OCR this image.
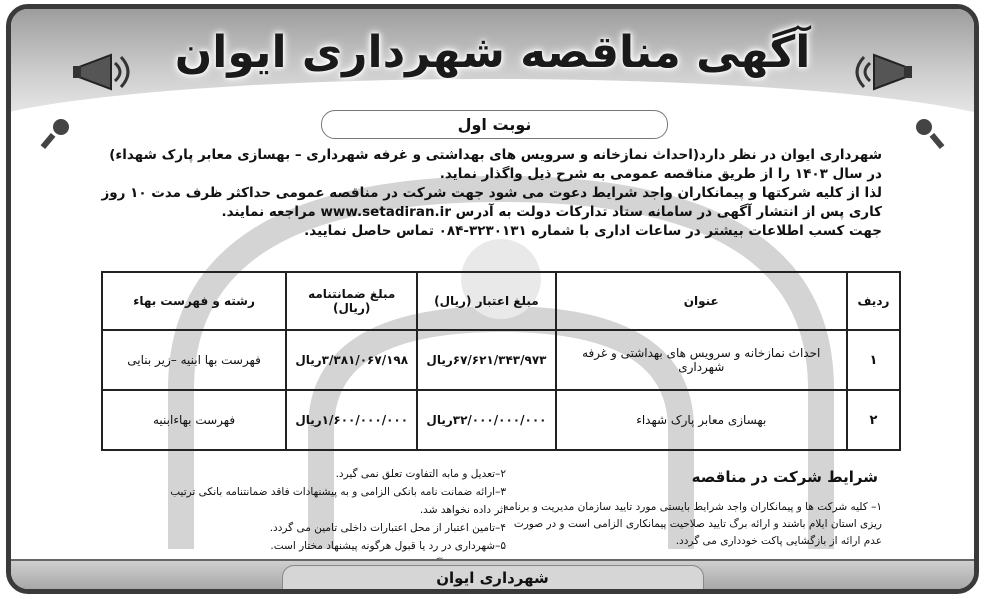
آگهی مناقصه شهرداری ایوان
نوبت اول

شهرداری ایوان در نظر دارد(احداث نمازخانه و سرویس های بهداشتی و غرفه شهرداری – بهسازی معابر پارک شهداء) در سال ۱۴۰۳ را از طریق مناقصه عمومی به شرح ذیل واگذار نماید.

لذا از کلیه شرکتها و پیمانکاران واجد شرایط دعوت می شود جهت شرکت در مناقصه عمومی حداکثر ظرف مدت ۱۰ روز کاری پس از انتشار آگهی در سامانه ستاد تدارکات دولت به آدرس www.setadiran.ir مراجعه نمایند.

جهت کسب اطلاعات بیشتر در ساعات اداری با شماره ۳۲۳۰۱۳۱-۰۸۴ تماس حاصل نمایید.

ردیف	عنوان	مبلغ اعتبار (ریال)	مبلغ ضمانتنامه (ریال)	رشته و فهرست بهاء
۱	احداث نمازخانه و سرویس های بهداشتی و غرفه شهرداری	۶۷/۶۲۱/۳۴۳/۹۷۳ریال	۳/۳۸۱/۰۶۷/۱۹۸ریال	فهرست بها ابنیه –زیر بنایی
۲	بهسازی معابر پارک شهداء	۳۲/۰۰۰/۰۰۰/۰۰۰ریال	۱/۶۰۰/۰۰۰/۰۰۰ریال	فهرست بهاءابنیه
شرایط شرکت در مناقصه

۱– کلیه شرکت ها و پیمانکاران واجد شرایط بایستی مورد تایید سازمان مدیریت و برنامه ریزی استان ایلام باشند و ارائه برگ تایید صلاحیت پیمانکاری الزامی است و در صورت عدم ارائه از بازگشایی پاکت خودداری می گردد.

۲–تعدیل و مابه التفاوت تعلق نمی گیرد.

۳–ارائه ضمانت نامه بانکی الزامی و به پیشنهادات فاقد ضمانتنامه بانکی ترتیب اثر داده نخواهد شد.

۴–تامین اعتبار از محل اعتبارات داخلی تامین می گردد.

۵–شهرداری در رد یا قبول هرگونه پیشنهاد مختار است.

شهرداری ایوان
